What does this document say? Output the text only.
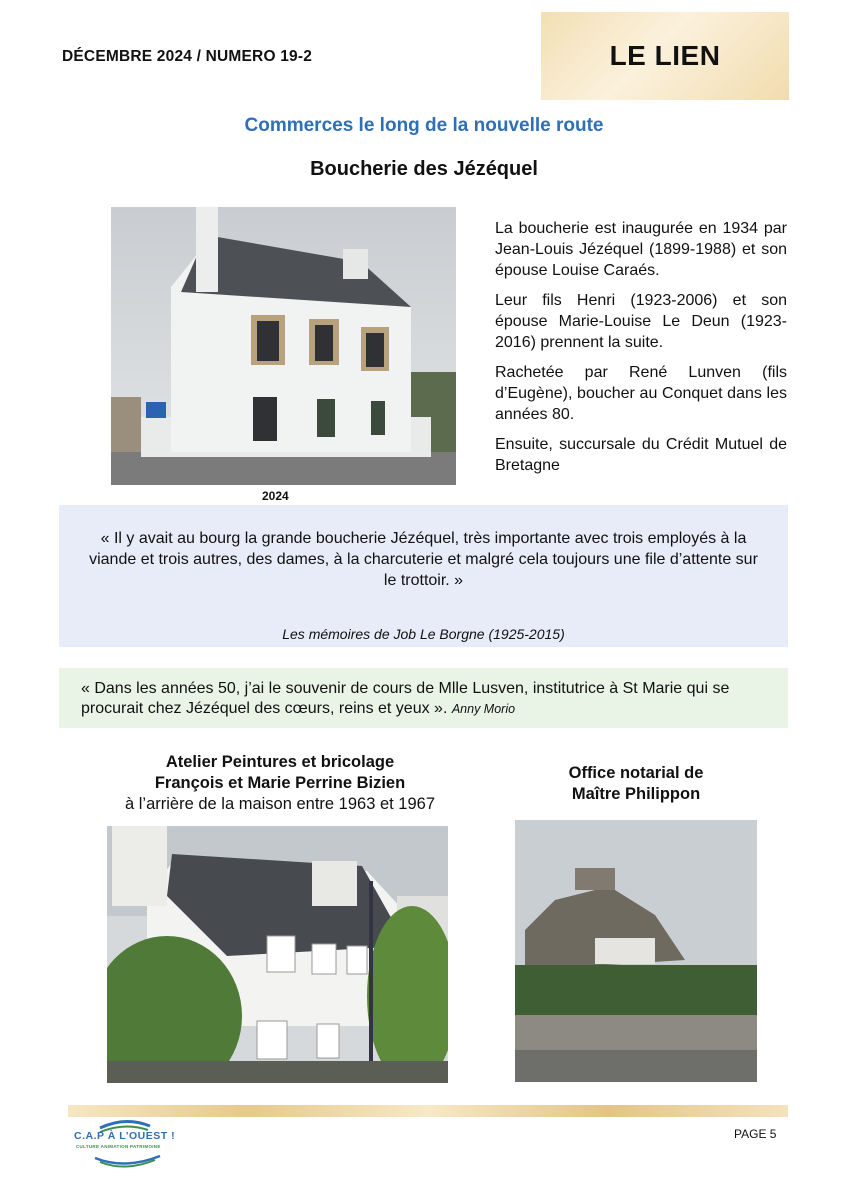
DÉCEMBRE 2024 / NUMERO 19-2	LE LIEN
Commerces le long de la nouvelle route
Boucherie des Jézéquel
2024

La boucherie est inaugurée en 1934 par Jean-Louis Jézéquel (1899-1988) et son épouse Louise Caraés.

Leur fils Henri (1923-2006) et son épouse Marie-Louise Le Deun (1923-2016) prennent la suite.

Rachetée par René Lunven (fils d’Eugène), boucher au Conquet dans les années 80.

Ensuite, succursale du Crédit Mutuel de Bretagne

« Il y avait au bourg la grande boucherie Jézéquel, très importante avec trois employés à la viande et trois autres, des dames, à la charcuterie et malgré cela toujours une file d’attente sur le trottoir. »
Les mémoires de Job Le Borgne (1925-2015)
« Dans les années 50, j’ai le souvenir de cours de Mlle Lusven, institutrice à St Marie qui se procurait chez Jézéquel des cœurs, reins et yeux ». Anny Morio
Atelier Peintures et bricolage
François et Marie Perrine Bizien
à l’arrière de la maison entre 1963 et 1967
Office notarial de
Maître Philippon
C.A.P À L’OUEST !
CULTURE ANIMATION PATRIMOINE
PAGE 5
